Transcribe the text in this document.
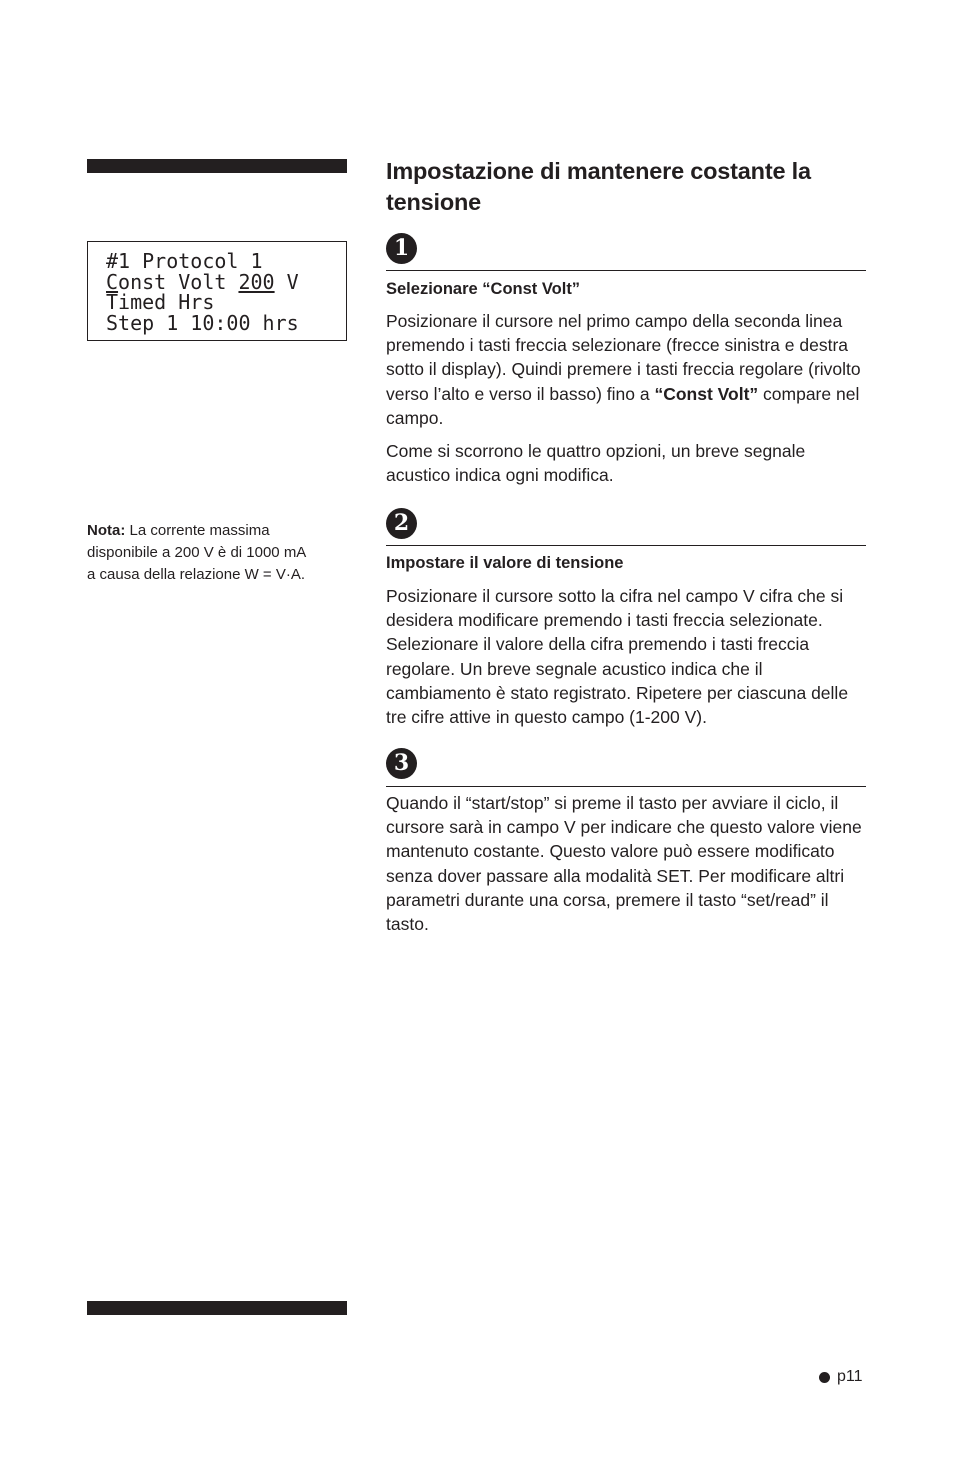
#1 Protocol 1

Const Volt 200 V

Timed Hrs

Step 1 10:00 hrs

Nota: La corrente massima
disponibile a 200 V è di 1000 mA
a causa della relazione W = V·A.
Impostazione di mantenere costante la tensione
1

Selezionare “Const Volt”

Posizionare il cursore nel primo campo della seconda linea premendo i tasti freccia selezionare (frecce sinistra e destra sotto il display). Quindi premere i tasti freccia regolare (rivolto verso l’alto e verso il basso) fino a “Const Volt” compare nel campo.

Come si scorrono le quattro opzioni, un breve segnale acustico indica ogni modifica.

2

Impostare il valore di tensione

Posizionare il cursore sotto la cifra nel campo V cifra che si desidera modificare premendo i tasti freccia selezionate. Selezionare il valore della cifra premendo i tasti freccia regolare. Un breve segnale acustico indica che il cambiamento è stato registrato. Ripetere per ciascuna delle tre cifre attive in questo campo (1-200 V).

3

Quando il “start/stop” si preme il tasto per avviare il ciclo, il cursore sarà in campo V per indicare che questo valore viene mantenuto costante. Questo valore può essere modificato senza dover passare alla modalità SET. Per modificare altri parametri durante una corsa, premere il tasto “set/read” il tasto.

p11
